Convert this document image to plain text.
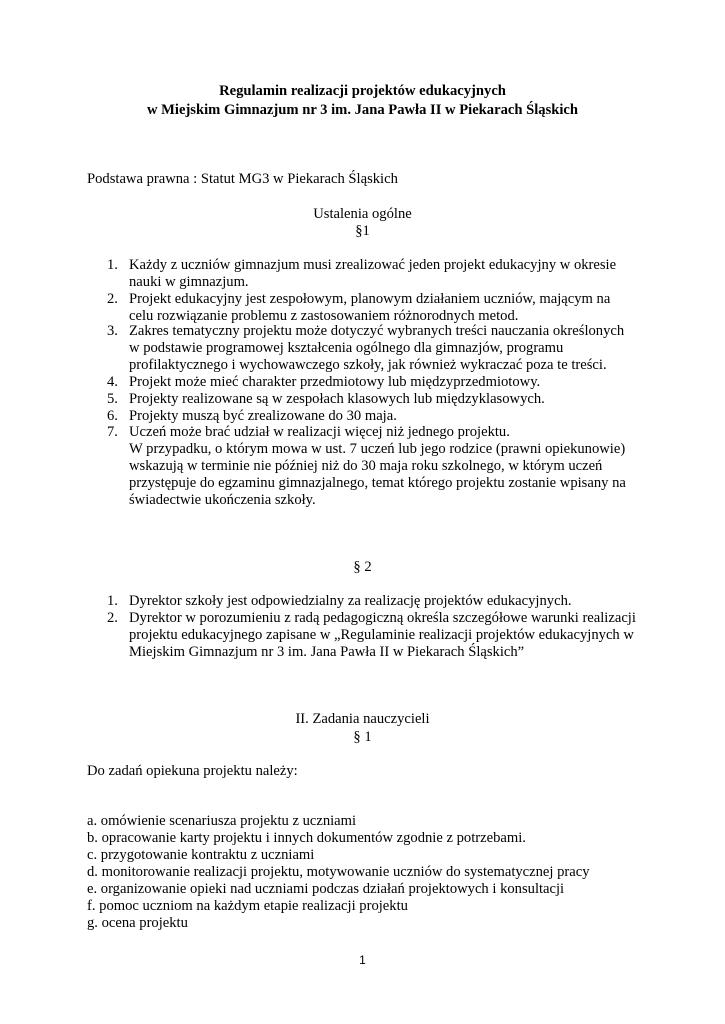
Regulamin realizacji projektów edukacyjnych
w Miejskim Gimnazjum nr 3 im. Jana Pawła II w Piekarach Śląskich
Podstawa prawna : Statut MG3 w Piekarach Śląskich
Ustalenia ogólne
§1
1. Każdy z uczniów gimnazjum musi zrealizować jeden projekt edukacyjny w okresie
nauki w gimnazjum.
2. Projekt edukacyjny jest zespołowym, planowym działaniem uczniów, mającym na
celu rozwiązanie problemu z zastosowaniem różnorodnych metod.
3. Zakres tematyczny projektu może dotyczyć wybranych treści nauczania określonych
w podstawie programowej kształcenia ogólnego dla gimnazjów, programu
profilaktycznego i wychowawczego szkoły, jak również wykraczać poza te treści.
4. Projekt może mieć charakter przedmiotowy lub międzyprzedmiotowy.
5. Projekty realizowane są w zespołach klasowych lub międzyklasowych.
6. Projekty muszą być zrealizowane do 30 maja.
7. Uczeń może brać udział w realizacji więcej niż jednego projektu.
W przypadku, o którym mowa w ust. 7 uczeń lub jego rodzice (prawni opiekunowie)
wskazują w terminie nie później niż do 30 maja roku szkolnego, w którym uczeń
przystępuje do egzaminu gimnazjalnego, temat którego projektu zostanie wpisany na
świadectwie ukończenia szkoły.
§ 2
1. Dyrektor szkoły jest odpowiedzialny za realizację projektów edukacyjnych.
2. Dyrektor w porozumieniu z radą pedagogiczną określa szczegółowe warunki realizacji
projektu edukacyjnego zapisane w „Regulaminie realizacji projektów edukacyjnych w
Miejskim Gimnazjum nr 3 im. Jana Pawła II w Piekarach Śląskich”
II. Zadania nauczycieli
§ 1
Do zadań opiekuna projektu należy:
a. omówienie scenariusza projektu z uczniami
b. opracowanie karty projektu i innych dokumentów zgodnie z potrzebami.
c. przygotowanie kontraktu z uczniami
d. monitorowanie realizacji projektu, motywowanie uczniów do systematycznej pracy
e. organizowanie opieki nad uczniami podczas działań projektowych i konsultacji
f. pomoc uczniom na każdym etapie realizacji projektu
g. ocena projektu
1
